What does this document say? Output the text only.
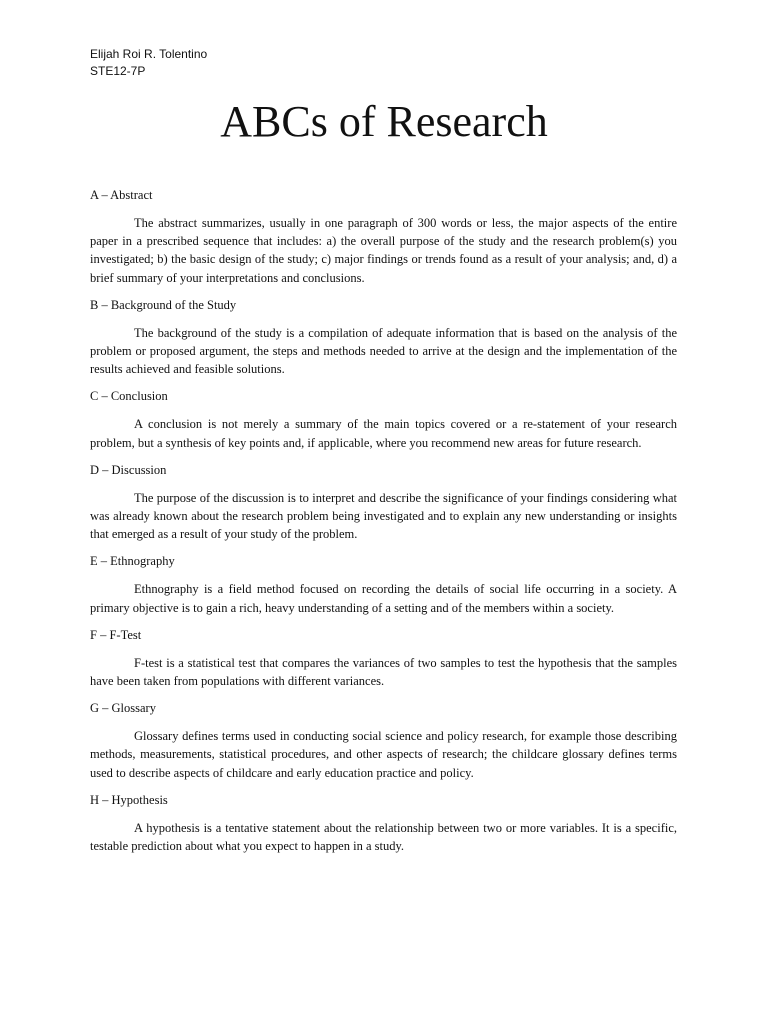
Elijah Roi R. Tolentino
STE12-7P
ABCs of Research

A – Abstract

The abstract summarizes, usually in one paragraph of 300 words or less, the major aspects of the entire paper in a prescribed sequence that includes: a) the overall purpose of the study and the research problem(s) you investigated; b) the basic design of the study; c) major findings or trends found as a result of your analysis; and, d) a brief summary of your interpretations and conclusions.

B – Background of the Study

The background of the study is a compilation of adequate information that is based on the analysis of the problem or proposed argument, the steps and methods needed to arrive at the design and the implementation of the results achieved and feasible solutions.

C – Conclusion

A conclusion is not merely a summary of the main topics covered or a re-statement of your research problem, but a synthesis of key points and, if applicable, where you recommend new areas for future research.

D – Discussion

The purpose of the discussion is to interpret and describe the significance of your findings considering what was already known about the research problem being investigated and to explain any new understanding or insights that emerged as a result of your study of the problem.

E – Ethnography

Ethnography is a field method focused on recording the details of social life occurring in a society. A primary objective is to gain a rich, heavy understanding of a setting and of the members within a society.

F – F-Test

F-test is a statistical test that compares the variances of two samples to test the hypothesis that the samples have been taken from populations with different variances.

G – Glossary

Glossary defines terms used in conducting social science and policy research, for example those describing methods, measurements, statistical procedures, and other aspects of research; the childcare glossary defines terms used to describe aspects of childcare and early education practice and policy.

H – Hypothesis

A hypothesis is a tentative statement about the relationship between two or more variables. It is a specific, testable prediction about what you expect to happen in a study.
